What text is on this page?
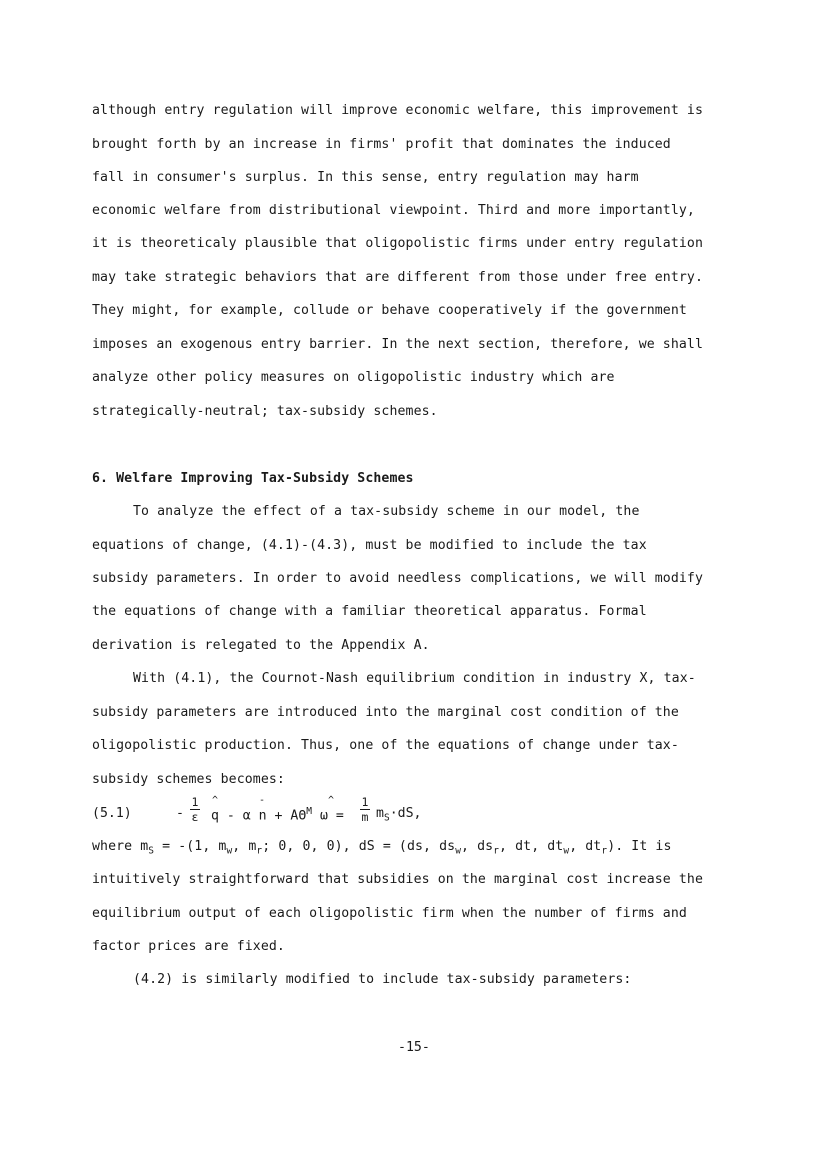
although entry regulation will improve economic welfare, this improvement is
brought forth by an increase in firms' profit that dominates the induced
fall in consumer's surplus. In this sense, entry regulation may harm
economic welfare from distributional viewpoint. Third and more importantly,
it is theoreticaly plausible that oligopolistic firms under entry regulation
may take strategic behaviors that are different from those under free entry.
They might, for example, collude or behave cooperatively if the government
imposes an exogenous entry barrier. In the next section, therefore, we shall
analyze other policy measures on oligopolistic industry which are
strategically-neutral; tax-subsidy schemes.
6. Welfare Improving Tax-Subsidy Schemes
To analyze the effect of a tax-subsidy scheme in our model, the
equations of change, (4.1)-(4.3), must be modified to include the tax
subsidy parameters. In order to avoid needless complications, we will modify
the equations of change with a familiar theoretical apparatus. Formal
derivation is relegated to the Appendix A.
With (4.1), the Cournot-Nash equilibrium condition in industry X, tax-
subsidy parameters are introduced into the marginal cost condition of the
oligopolistic production. Thus, one of the equations of change under tax-
subsidy schemes becomes:
(5.1)	-
1
ε
^	-	^
q - α $n + A\Theta^M$ ω =
1
m $m_S\cdot dS$,
where $m_S = -(1$, $m_w$, $m_r$; 0, 0, 0), dS = (ds, $ds_w$, $ds_r$, dt, $dt_w$, $dt_r$). It is
intuitively straightforward that subsidies on the marginal cost increase the
equilibrium output of each oligopolistic firm when the number of firms and
factor prices are fixed.
(4.2) is similarly modified to include tax-subsidy parameters:
-15-
